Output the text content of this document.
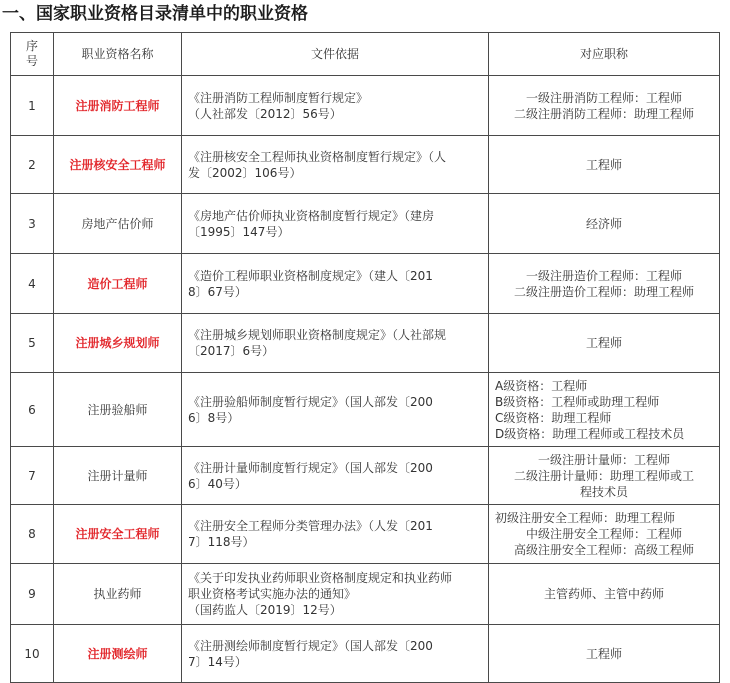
一、国家职业资格目录清单中的职业资格
序号	职业资格名称	文件依据	对应职称
1	注册消防工程师	《注册消防工程师制度暂行规定》
（人社部发〔2012〕56号）	一级注册消防工程师：工程师
二级注册消防工程师：助理工程师

2	注册核安全工程师	《注册核安全工程师执业资格制度暂行规定》（人
发〔2002〕106号）	工程师

3	房地产估价师	《房地产估价师执业资格制度暂行规定》（建房
〔1995〕147号）	经济师

4	造价工程师	《造价工程师职业资格制度规定》（建人〔201
8〕67号）	一级注册造价工程师：工程师
二级注册造价工程师：助理工程师

5	注册城乡规划师	《注册城乡规划师职业资格制度规定》（人社部规
〔2017〕6号）	工程师

6	注册验船师	《注册验船师制度暂行规定》（国人部发〔200
6〕8号）	A级资格：工程师
B级资格：工程师或助理工程师
C级资格：助理工程师
D级资格：助理工程师或工程技术员

7	注册计量师	《注册计量师制度暂行规定》（国人部发〔200
6〕40号）	一级注册计量师：工程师
二级注册计量师：助理工程师或工
程技术员

8	注册安全工程师	《注册安全工程师分类管理办法》（人发〔201
7〕118号）	初级注册安全工程师：助理工程师
中级注册安全工程师：工程师
高级注册安全工程师：高级工程师

9	执业药师	《关于印发执业药师职业资格制度规定和执业药师
职业资格考试实施办法的通知》
（国药监人〔2019〕12号）	主管药师、主管中药师

10	注册测绘师	《注册测绘师制度暂行规定》（国人部发〔200
7〕14号）	工程师
